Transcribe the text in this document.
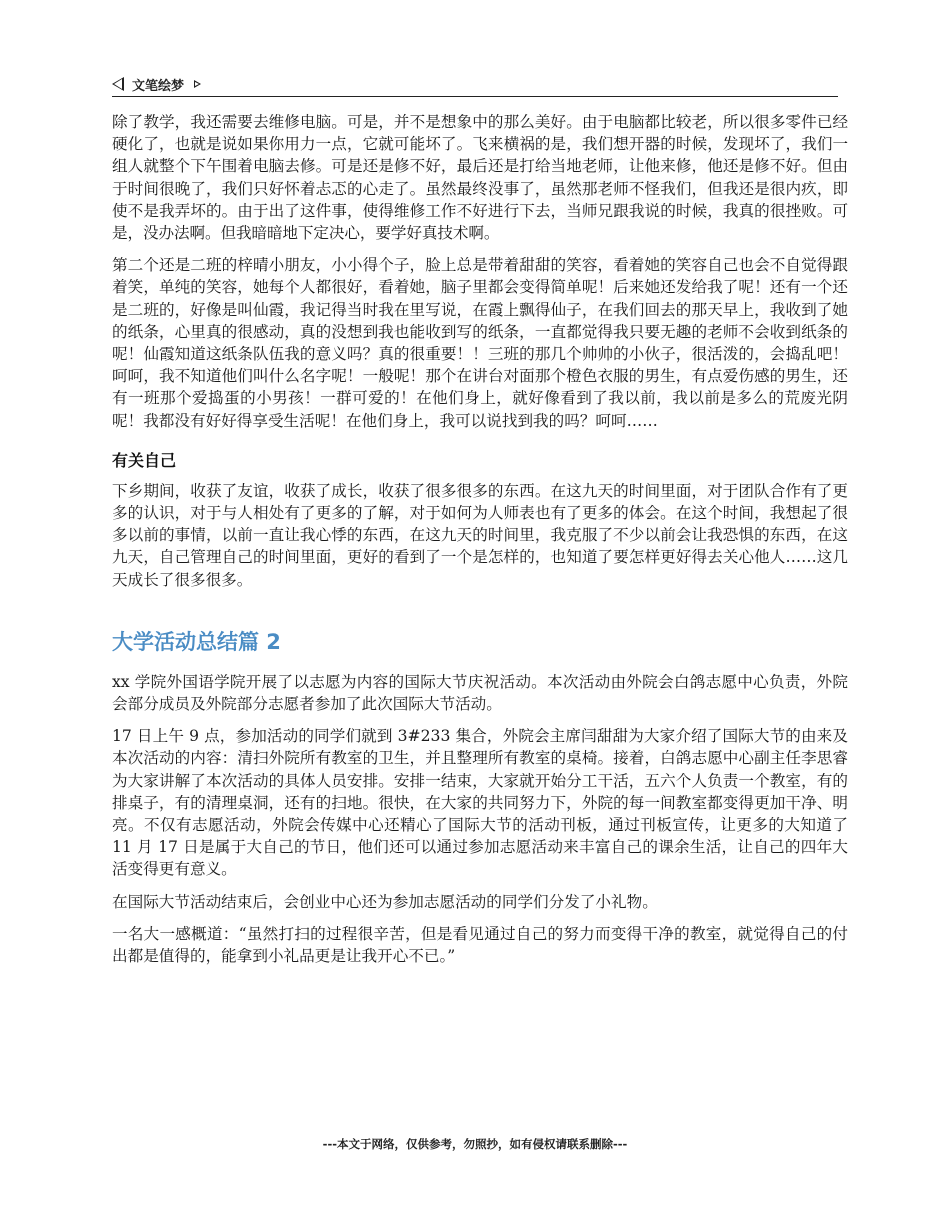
文笔绘梦

除了教学，我还需要去维修电脑。可是，并不是想象中的那么美好。由于电脑都比较老，所以很多零件已经硬化了，也就是说如果你用力一点，它就可能坏了。飞来横祸的是，我们想开器的时候，发现坏了，我们一组人就整个下午围着电脑去修。可是还是修不好，最后还是打给当地老师，让他来修，他还是修不好。但由于时间很晚了，我们只好怀着忐忑的心走了。虽然最终没事了，虽然那老师不怪我们，但我还是很内疚，即使不是我弄坏的。由于出了这件事，使得维修工作不好进行下去，当师兄跟我说的时候，我真的很挫败。可是，没办法啊。但我暗暗地下定决心，要学好真技术啊。

第二个还是二班的梓晴小朋友，小小得个子，脸上总是带着甜甜的笑容，看着她的笑容自己也会不自觉得跟着笑，单纯的笑容，她每个人都很好，看着她，脑子里都会变得简单呢！后来她还发给我了呢！还有一个还是二班的，好像是叫仙霞，我记得当时我在里写说，在霞上飘得仙子，在我们回去的那天早上，我收到了她的纸条，心里真的很感动，真的没想到我也能收到写的纸条，一直都觉得我只要无趣的老师不会收到纸条的呢！仙霞知道这纸条队伍我的意义吗？真的很重要！！三班的那几个帅帅的小伙子，很活泼的，会捣乱吧！呵呵，我不知道他们叫什么名字呢！一般呢！那个在讲台对面那个橙色衣服的男生，有点爱伤感的男生，还有一班那个爱捣蛋的小男孩！一群可爱的！在他们身上，就好像看到了我以前，我以前是多么的荒废光阴呢！我都没有好好得享受生活呢！在他们身上，我可以说找到我的吗？呵呵……

有关自己

下乡期间，收获了友谊，收获了成长，收获了很多很多的东西。在这九天的时间里面，对于团队合作有了更多的认识，对于与人相处有了更多的了解，对于如何为人师表也有了更多的体会。在这个时间，我想起了很多以前的事情，以前一直让我心悸的东西，在这九天的时间里，我克服了不少以前会让我恐惧的东西，在这九天，自己管理自己的时间里面，更好的看到了一个是怎样的，也知道了要怎样更好得去关心他人……这几天成长了很多很多。

大学活动总结篇 2

xx 学院外国语学院开展了以志愿为内容的国际大节庆祝活动。本次活动由外院会白鸽志愿中心负责，外院会部分成员及外院部分志愿者参加了此次国际大节活动。

17 日上午 9 点，参加活动的同学们就到 3#233 集合，外院会主席闫甜甜为大家介绍了国际大节的由来及本次活动的内容：清扫外院所有教室的卫生，并且整理所有教室的桌椅。接着，白鸽志愿中心副主任李思睿为大家讲解了本次活动的具体人员安排。安排一结束，大家就开始分工干活，五六个人负责一个教室，有的排桌子，有的清理桌洞，还有的扫地。很快，在大家的共同努力下，外院的每一间教室都变得更加干净、明亮。不仅有志愿活动，外院会传媒中心还精心了国际大节的活动刊板，通过刊板宣传，让更多的大知道了 11 月 17 日是属于大自己的节日，他们还可以通过参加志愿活动来丰富自己的课余生活，让自己的四年大活变得更有意义。

在国际大节活动结束后，会创业中心还为参加志愿活动的同学们分发了小礼物。

一名大一感概道：“虽然打扫的过程很辛苦，但是看见通过自己的努力而变得干净的教室，就觉得自己的付出都是值得的，能拿到小礼品更是让我开心不已。”

---本文于网络，仅供参考，勿照抄，如有侵权请联系删除---
